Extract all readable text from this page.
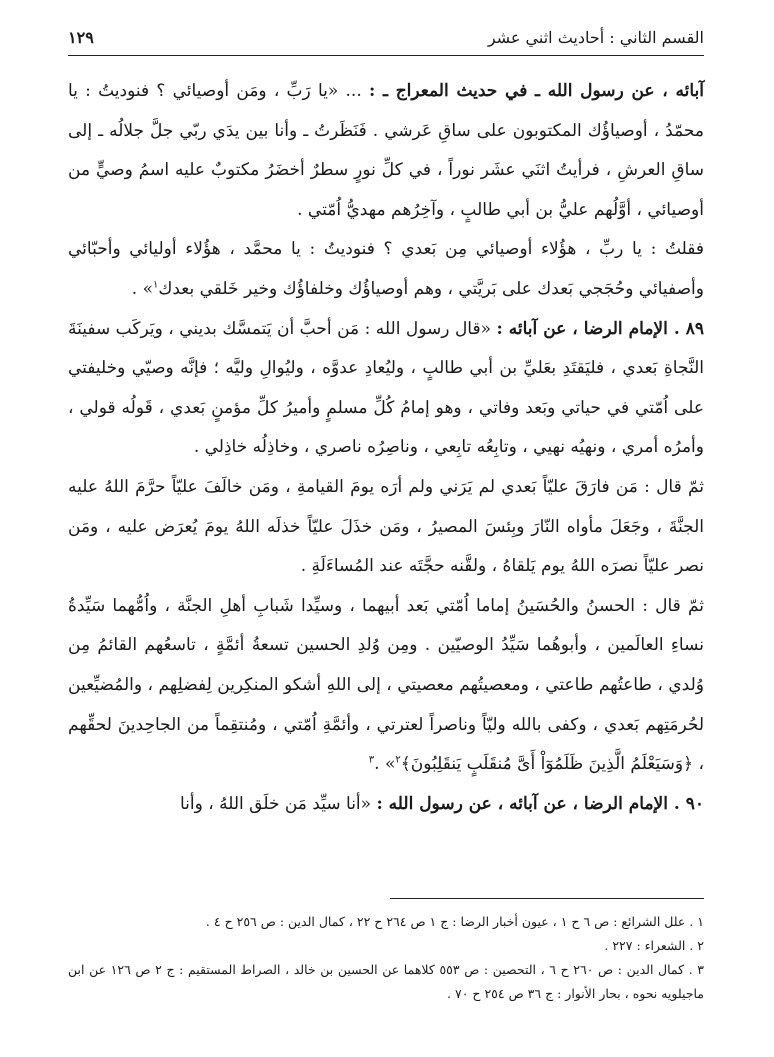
القسم الثاني : أحاديث اثني عشر
١٢٩

آبائه ، عن رسول الله ـ في حديث المعراج ـ : ... «يا رَبِّ ، ومَن أوصيائي ؟ فنوديتُ : يا محمّدُ ، أوصياؤُك المكتوبون على ساقِ عَرشي . فَنَظَرتُ ـ وأنا بين يدَي ربّي جلَّ جلالُه ـ إلى ساقِ العرشِ ، فرأيتُ اثنَي عشَر نوراً ، في كلِّ نورٍ سطرٌ أخضَرُ مكتوبٌ عليه اسمُ وصيٍّ من أوصيائي ، أوَّلُهم عليُّ بن أبي طالبٍ ، وآخِرُهم مهديُّ اُمّتي .

فقلتُ : يا ربِّ ، هؤُلاء أوصيائي مِن بَعدي ؟ فنوديتُ : يا محمَّد ، هؤُلاء أوليائي وأحبّائي وأصفيائي وحُجَجي بَعدك على بَريَّتي ، وهم أوصياؤُك وخلفاؤُك وخير خَلقي بعدك$^١$» .

٨٩ . الإمام الرضا ، عن آبائه : «قال رسول الله : مَن أحبَّ أن يَتمسَّك بديني ، ويَركَب سفينَةَ النَّجاةِ بَعدي ، فليَقتَدِ بعَليِّ بن أبي طالبٍ ، وليُعادِ عدوَّه ، وليُوالِ وليَّه ؛ فإنَّه وصيّي وخليفتي على اُمّتي في حياتي وبَعد وفاتي ، وهو إمامُ كُلِّ مسلمٍ وأميرُ كلِّ مؤمنٍ بَعدي ، قَولُه قولي ، وأمرُه أمري ، ونهيُه نهيي ، وتابِعُه تابِعي ، وناصِرُه ناصري ، وخاذِلُه خاذِلي .

ثمّ قال : مَن فارَقَ عليّاً بَعدي لم يَرَني ولم أرَه يومَ القيامةِ ، ومَن خالَفَ عليّاً حرَّمَ اللهُ عليه الجنَّةَ ، وجَعَلَ مأواه النّارَ وبِئسَ المصيرُ ، ومَن خذَلَ عليّاً خذلَه اللهُ يومَ يُعرَض عليه ، ومَن نصر عليّاً نصرَه اللهُ يوم يَلقاهُ ، ولقَّنه حجَّتَه عند المُساءَلَةِ .

ثمّ قال : الحسنُ والحُسَينُ إماما اُمّتي بَعد أبيهما ، وسيِّدا شَبابِ أهلِ الجنَّة ، واُمُّهما سَيِّدةُ نساءِ العالَمين ، وأبوهُما سَيِّدُ الوصيّين . ومِن وُلدِ الحسين تسعةُ أئمَّةٍ ، تاسعُهم القائمُ مِن وُلدي ، طاعتُهم طاعتي ، ومعصيتُهم معصيتي ، إلى اللهِ أشكو المنكِرين لِفضلِهم ، والمُضيِّعين لحُرمَتِهم بَعدي ، وكفى بالله وليّاً وناصراً لعترتي ، وأئمَّةِ اُمّتي ، ومُنتقِماً من الجاحِدينَ لحقِّهم ، ﴿وَسَيَعْلَمُ الَّذِينَ ظَلَمُوٓاْ أَىَّ مُنقَلَبٍ يَنقَلِبُونَ﴾$^٢$» .$^٣$

٩٠ . الإمام الرضا ، عن آبائه ، عن رسول الله : «أنا سيِّد مَن خلَق اللهُ ، وأنا

١ . علل الشرائع : ص ٦ ح ١ ، عيون أخبار الرضا : ج ١ ص ٢٦٤ ح ٢٢ ، كمال الدين : ص ٢٥٦ ح ٤ .

٢ . الشعراء : ٢٢٧ .

٣ . كمال الدين : ص ٢٦٠ ح ٦ ، التحصين : ص ٥٥٣ كلاهما عن الحسين بن خالد ، الصراط المستقيم : ج ٢ ص ١٢٦ عن ابن ماجيلويه نحوه ، بحار الأنوار : ج ٣٦ ص ٢٥٤ ح ٧٠ .
